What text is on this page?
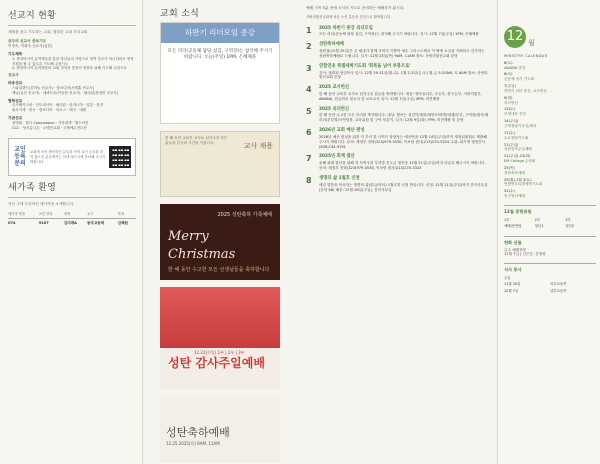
선교지 현황
세계를 품고 기도하는 교회, 행복한 교회 우리교회
금주의 선교사 중보기도
이경숙, 이희숙 선교사(일본)
기도제목
1. 중앙아시아 유학생들을 통한 하나님의 사랑으로 영적 부모가 아니더라도 영적 지원을 할 수 있도록 기도해 주십시오
2. 중앙아시아 유학생들의 교회 정착과 믿음의 성장을 위해 기도해 주십시오
선교사
파송선교
스와질랜드(김하늘 선교사) · 캄보디아(서재훈 선교사)
케냐(유진 선교사) · 에콰도르(이동찬 선교사) · 필리핀(강성민 선교사)
협력선교
우즈베키스탄 · 인도네시아 · 필리핀 · 탄자니아 · 일본 · 몽골
튀르키예 · 중국 · 캄보디아 · 라오스 · 태국 · 네팔
기관선교
선명회 · 한국 Compassion · 기아대책 · 월드비전
CCC · 성서유니온 · 오엠선교회 · 국제예수전도단
교인 등록 문의
교회에 처음 방문하신 분들과 아직 교인 등록을 하지 않으신 분들께서는 안내 데스크에 문의해 주시기 바랍니다.
새가족 환영
지난 주에 등록하신 새가족을 소개합니다.
새가족 번호	교인 번호	성명	교구	목자
074	9107	김미래A	동부교동북	김혜원
교회 소식
하반기 리더모임 종강
모든 리더(공동체 담당 섬김, 구역장)는 참석해 주시기 바랍니다. 오늘(주일) 1PM, 은혜채플
교사 채용
한 해 동안 교육부 교사로 섬겨주신 모든 분들과 감사의 시간을 가집니다.
2025 성탄축하 가족예배
Merry Christmas
한 해 동안 수고한 모든 선생님들을 축하합니다
12.21(주일) 1부 | 2부 | 3부
성탄 감사주일예배
성탄축하예배
12.25.2025(목) 9AM, 11AM
예배 시작 5분 전에 오셔서 기도로 준비하는 예배자가 됩시다.
사랑의빛선교회에 처음 오신 분들을 진심으로 환영합니다.
1	2025 하반기 종강 리더모임
모든 리더(공동체 담당 섬김, 구역장)는 참석해 주시기 바랍니다. 일시: 12월 7일(주일) 1PM, 은혜채플
2	성탄축하예배
성탄절(12월 25일)은 온 세대가 함께 모여서 기쁨의 예수 그리스도께서 이 땅에 오심을 기뻐하고 감사하는 성탄축하예배로 드립니다. 일시: 12월 25일(목) 9AM, 11AM 장소: 사랑의빛선교회 본당
3	연합연초 특별새벽기도회 '회복을 넘어 부흥으로'
강사: 권대희 담임목사 일시: 12월 29-31일(월-수), 1월 2-3일(금-토) 월-금 5:20AM, 토 6AM 장소: 사랑의빛선교회 본당
4	2025 교사헌신
한 해 동안 교육부 교사로 섬겨주신 분들을 축하합니다. 대상: 영아유치부, 초등부, 중고등부, 사랑의빛부, AWANA, 한글학교 청교사 및 보조교사 일시: 12월 7일(주일) 4PM, 비전채플
5	2025 리더헌신
한 해 동안 수고한 모든 리더를 축하합니다. 대상: 힘쓰는 섬김이/평화/평안/다락방/열매/부부, 구역장/권사/셀리더/부부별/사역팀장, 교육위원 및 구역 섬김이, 일시: 12월 9일(화) 7PM, 비전채플 및 본당
6	2026년 교회 예산 편성
2026년 예산 편성을 위한 각 부서 및 사역국 담당자는 예산안을 12월 14일(주일)까지 재정위원회로 제출해 주시기 바랍니다. 문의: 재정부 전화(323)979-3530, 이보람 집사(213)270-5324 수령: 회기재 행정간사(626)744-9191
7	2025년 회계 결산
올해 회계 결산을 위해 각 사역국과 부서별 진도금 정산을 12월 21일(주일)까지 마무리 해주시기 바랍니다. 문의: 재정부 전화(323)979-3530, 이보람 집사(213)270-5324
8	생명의 삶 1월호 신청
매일 말씀을 묵상하는 생명의 삶(한글/영어) 1월호를 신청 받습니다. 신청: 12월 21일(주일)까지 간이사무실 (본당 $8) 배부: 12월 28일(주일), 간이사무실
12 월
MINISTRY CALENDAR
6(토)
AWANA 종강
6(토)
공동체 정기 기도회
7(주일)
하반기 리더 종강, 교사헌신
9(화)
리더헌신
13(토)
인생대학 종강
14(주일)
구역장정기모임/회의
17(수)
수요찬양기도회
21(주일)
성탄감사주일예배
21(주일)-23(화)
EM Collage 수양회
25(목)
성탄축하예배
29(월)-1월 3(토)
연합연초특별새벽기도회
31(수)
송구영신예배
12월 봉헌위원
1부	2부	3부
예배/봉헌팀	청년1	청년2
헌화 선물
금주 예배찬양
12월 7일 | 김은순, 김영희
식사 봉사
주일
11월 30일	서부교동북
12월 7일	남부교동북
